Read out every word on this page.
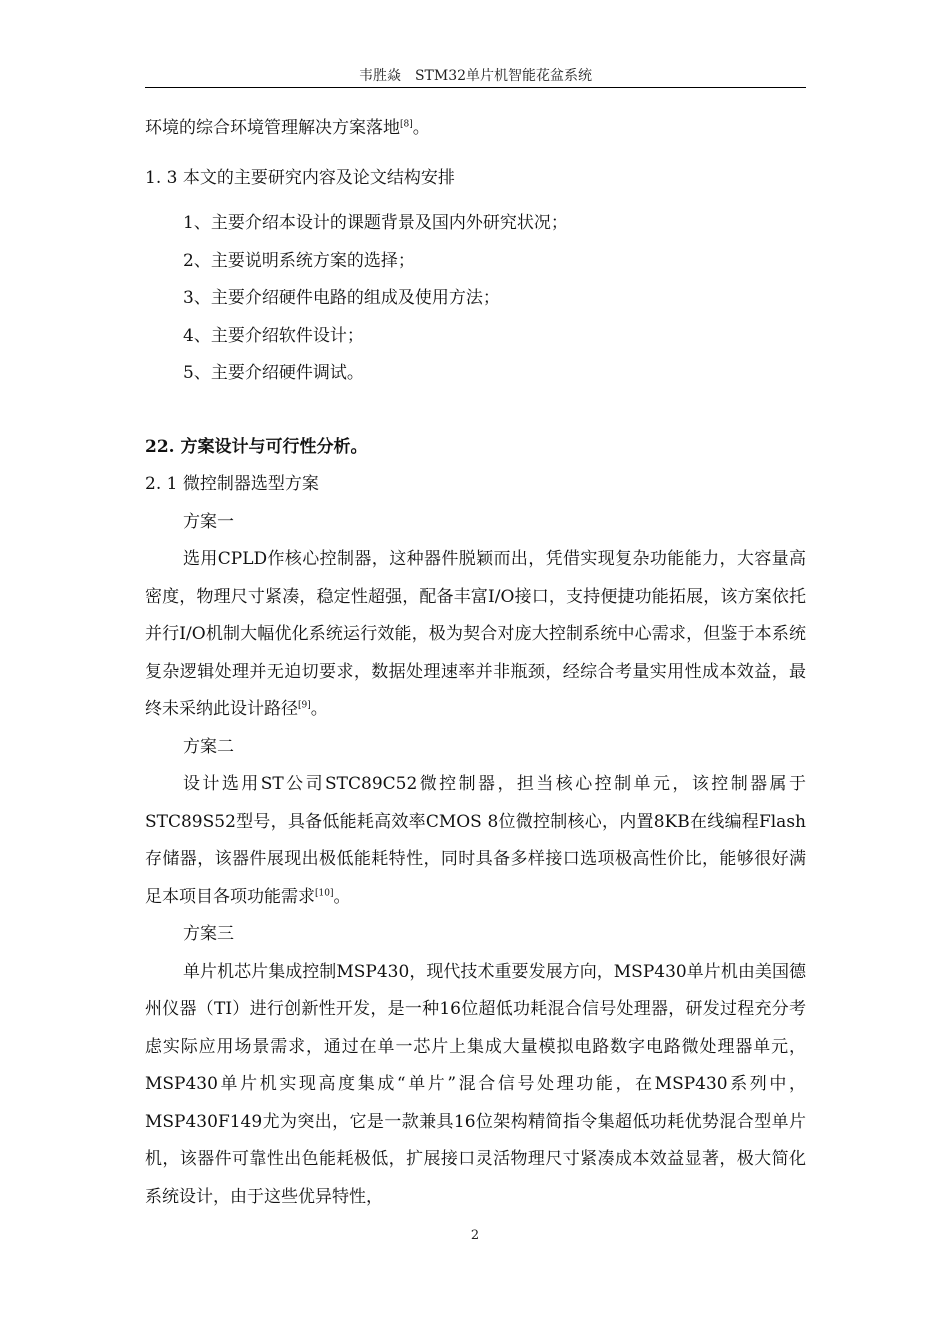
韦胜焱 STM32单片机智能花盆系统

环境的综合环境管理解决方案落地[8]。

1. 3 本文的主要研究内容及论文结构安排

1、主要介绍本设计的课题背景及国内外研究状况；

2、主要说明系统方案的选择；

3、主要介绍硬件电路的组成及使用方法；

4、主要介绍软件设计；

5、主要介绍硬件调试。

22. 方案设计与可行性分析。

2. 1 微控制器选型方案

方案一

选用CPLD作核心控制器，这种器件脱颖而出，凭借实现复杂功能能力，大容量高密度，物理尺寸紧凑，稳定性超强，配备丰富I/O接口，支持便捷功能拓展，该方案依托并行I/O机制大幅优化系统运行效能，极为契合对庞大控制系统中心需求，但鉴于本系统复杂逻辑处理并无迫切要求，数据处理速率并非瓶颈，经综合考量实用性成本效益，最终未采纳此设计路径[9]。

方案二

设计选用ST公司STC89C52微控制器，担当核心控制单元，该控制器属于STC89S52型号，具备低能耗高效率CMOS 8位微控制核心，内置8KB在线编程Flash存储器，该器件展现出极低能耗特性，同时具备多样接口选项极高性价比，能够很好满足本项目各项功能需求[10]。

方案三

单片机芯片集成控制MSP430，现代技术重要发展方向，MSP430单片机由美国德州仪器（TI）进行创新性开发，是一种16位超低功耗混合信号处理器，研发过程充分考虑实际应用场景需求，通过在单一芯片上集成大量模拟电路数字电路微处理器单元，MSP430单片机实现高度集成“单片”混合信号处理功能，在MSP430系列中，MSP430F149尤为突出，它是一款兼具16位架构精简指令集超低功耗优势混合型单片机，该器件可靠性出色能耗极低，扩展接口灵活物理尺寸紧凑成本效益显著，极大简化系统设计，由于这些优异特性，

2
